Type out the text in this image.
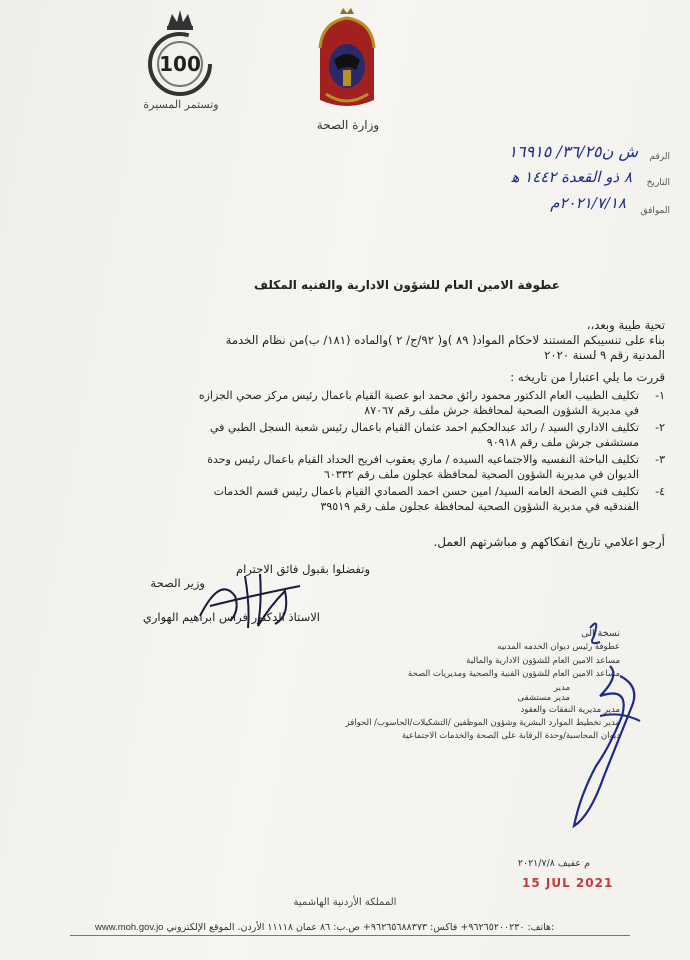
100
وتستمر المسيرة
وزارة الصحة
الرقم
ش ن٣٦/٢٥/ ١٦٩١٥
التاريخ
٨ ذو القعدة ١٤٤٢ ﻫ
الموافق
٢٠٢١/٧/١٨م
عطوفة الامين العام للشؤون الادارية والفنيه المكلف
تحية طيبة وبعد،،
بناء على تنسيبكم المستند لاحكام المواد( ٨٩ )و( ٩٢/ج/ ٢ )والماده (١٨١/ ب)من نظام الخدمة
المدنية رقم ٩ لسنة ٢٠٢٠
قررت ما يلي اعتبارا من تاريخه :
١-
تكليف الطبيب العام الدكتور محمود رائق محمد ابو عصبة القيام باعمال رئيس مركز صحي الجزازه
في مديرية الشؤون الصحية لمحافظة جرش ملف رقم ٨٧٠٦٧
٢-
تكليف الاداري السيد / رائد عبدالحكيم احمد عثمان القيام باعمال رئيس شعبة السجل الطبي في
مستشفى جرش ملف رقم ٩٠٩١٨
٣-
تكليف الباحثة النفسيه والاجتماعيه السيده / ماري يعقوب افريح الحداد القيام باعمال رئيس وحدة
الديوان في مديرية الشؤون الصحية لمحافظة عجلون ملف رقم ٦٠٣٣٢
٤-
تكليف فني الصحة العامه السيد/ امين حسن احمد الصمادي القيام باعمال رئيس قسم الخدمات
الفندقيه في مديرية الشؤون الصحية لمحافظة عجلون ملف رقم ٣٩٥١٩
أرجو اعلامي تاريخ انفكاكهم و مباشرتهم العمل.
وتفضلوا بقبول فائق الاحترام
وزير الصحة
الاستاذ الدكتور فراس ابراهيم الهواري
نسخة الى
عطوفة رئيس ديوان الخدمه المدنيه
مساعد الامين العام للشؤون الادارية والمالية
مساعد الامين العام للشؤون الفنية والصحية ومديريات الصحة
مدير
مدير مستشفى
مدير مديرية النفقات والعقود
مدير تخطيط الموارد البشرية وشؤون الموظفين /التشكيلات/الحاسوب/ الحوافز
ديوان المحاسبة/وحدة الرقابة على الصحة والخدمات الاجتماعية
م عفيف ٢٠٢١/٧/٨
15 JUL 2021
المملكة الأردنية الهاشمية
www.moh.gov.jo هاتف: ٩٦٢٦٥٢٠٠٢٣٠+ فاكس: ٩٦٢٦٥٦٨٨٣٧٣+ ص.ب: ٨٦ عمان ١١١١٨ الأردن. الموقع الإلكتروني:
